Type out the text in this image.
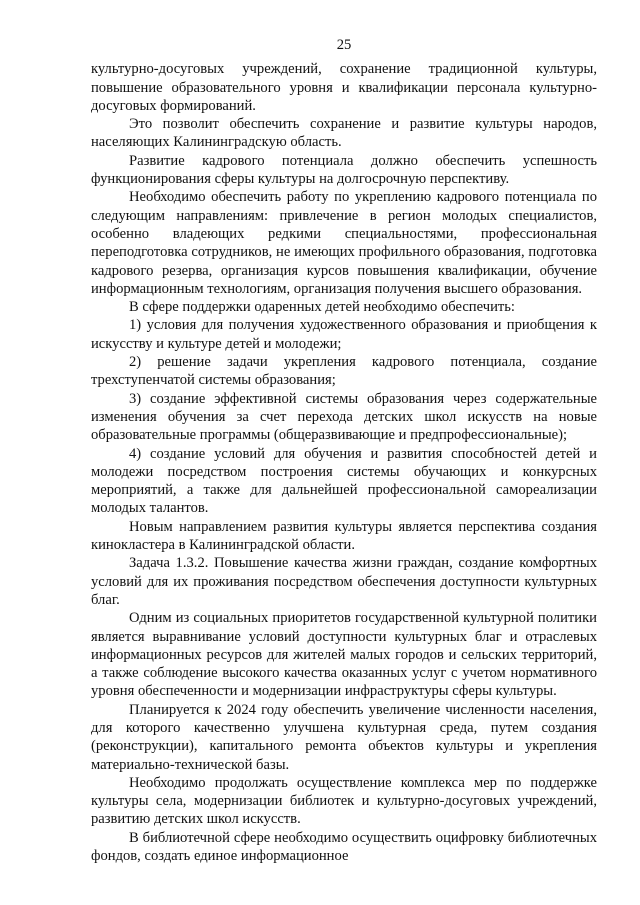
25

культурно-досуговых учреждений, сохранение традиционной культуры, повышение образовательного уровня и квалификации персонала культурно-досуговых формирований.

Это позволит обеспечить сохранение и развитие культуры народов, населяющих Калининградскую область.

Развитие кадрового потенциала должно обеспечить успешность функционирования сферы культуры на долгосрочную перспективу.

Необходимо обеспечить работу по укреплению кадрового потенциала по следующим направлениям: привлечение в регион молодых специалистов, особенно владеющих редкими специальностями, профессиональная переподготовка сотрудников, не имеющих профильного образования, подготовка кадрового резерва, организация курсов повышения квалификации, обучение информационным технологиям, организация получения высшего образования.

В сфере поддержки одаренных детей необходимо обеспечить:

1) условия для получения художественного образования и приобщения к искусству и культуре детей и молодежи;

2) решение задачи укрепления кадрового потенциала, создание трехступенчатой системы образования;

3) создание эффективной системы образования через содержательные изменения обучения за счет перехода детских школ искусств на новые образовательные программы (общеразвивающие и предпрофессиональные);

4) создание условий для обучения и развития способностей детей и молодежи посредством построения системы обучающих и конкурсных мероприятий, а также для дальнейшей профессиональной самореализации молодых талантов.

Новым направлением развития культуры является перспектива создания кинокластера в Калининградской области.

Задача 1.3.2. Повышение качества жизни граждан, создание комфортных условий для их проживания посредством обеспечения доступности культурных благ.

Одним из социальных приоритетов государственной культурной политики является выравнивание условий доступности культурных благ и отраслевых информационных ресурсов для жителей малых городов и сельских территорий, а также соблюдение высокого качества оказанных услуг с учетом нормативного уровня обеспеченности и модернизации инфраструктуры сферы культуры.

Планируется к 2024 году обеспечить увеличение численности населения, для которого качественно улучшена культурная среда, путем создания (реконструкции), капитального ремонта объектов культуры и укрепления материально-технической базы.

Необходимо продолжать осуществление комплекса мер по поддержке культуры села, модернизации библиотек и культурно-досуговых учреждений, развитию детских школ искусств.

В библиотечной сфере необходимо осуществить оцифровку библиотечных фондов, создать единое информационное
